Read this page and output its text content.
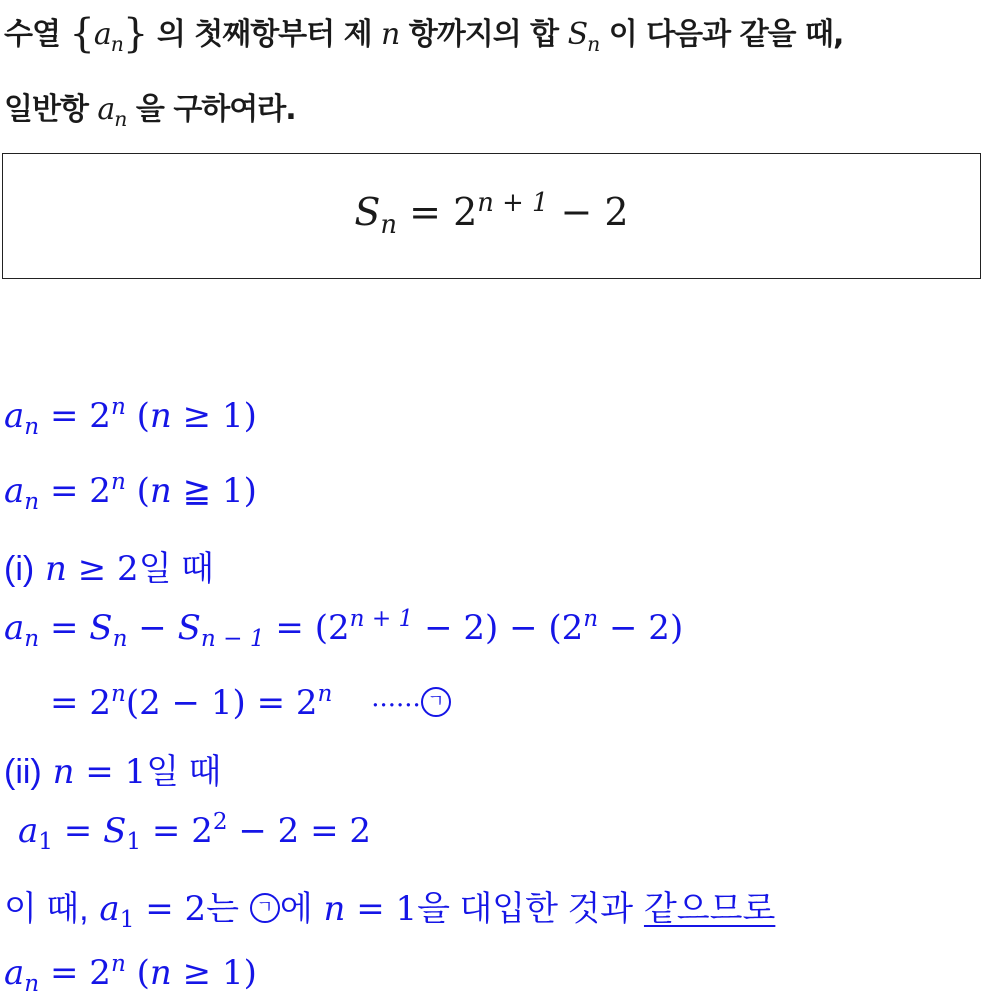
수열 $\{a_n\}$ 의 첫째항부터 제 n 항까지의 합 $S_n$ 이 다음과 같을 때,
일반항 $a_n$ 을 구하여라.
$S_n = 2^{n + 1} - 2$
$a_n = 2^n$ (n ≥ 1)
$a_n = 2^n$ (n ≧ 1)
(i) n ≥ 2일 때
$a_n = S_n - S_{n - 1} = (2^{n + 1} - 2) - (2^n - 2)$
= $2^n(2 - 1) = 2^n$ ······ ㄱ
(ii) n = 1일 때
$a_1 = S_1 = 2^2 - 2 = 2$
이 때, $a_1 = 2$는 ㄱ 에 n = 1을 대입한 것과 같으므로
$a_n = 2^n$ (n ≥ 1)
